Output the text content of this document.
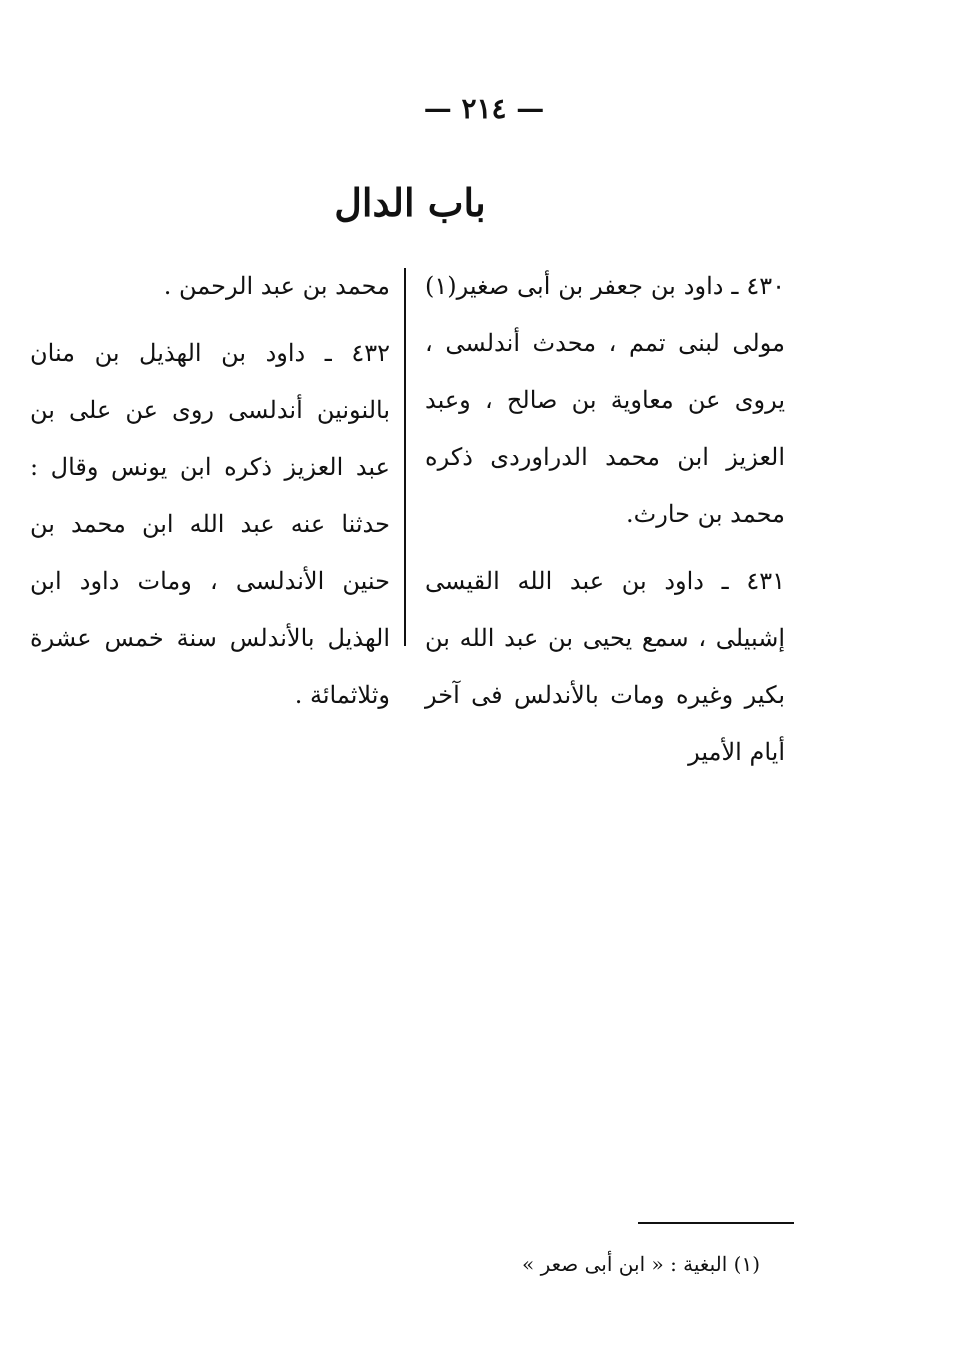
— ٢١٤ —
باب الدال

٤٣٠ ـ داود بن جعفر بن أبى صغير(١) مولى لبنى تمم ، محدث أندلسى ، يروى عن معاوية بن صالح ، وعبد العزيز ابن محمد الدراوردى ذكره محمد بن حارث.

٤٣١ ـ داود بن عبد الله القيسى إشبيلى ، سمع يحيى بن عبد الله بن بكير وغيره ومات بالأندلس فى آخر أيام الأمير

محمد بن عبد الرحمن .

٤٣٢ ـ داود بن الهذيل بن منان بالنونين أندلسى روى عن على بن عبد العزيز ذكره ابن يونس وقال : حدثنا عنه عبد الله ابن محمد بن حنين الأندلسى ، ومات داود ابن الهذيل بالأندلس سنة خمس عشرة وثلاثمائة .

(١) البغية : « ابن أبى صعر »
